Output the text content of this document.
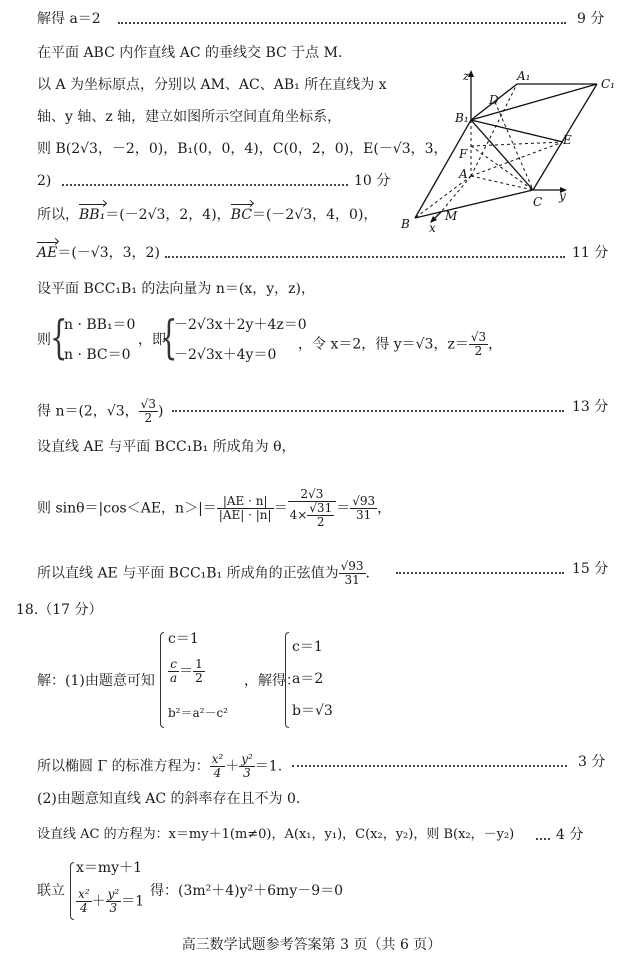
解得 a＝2	9 分
在平面 ABC 内作直线 AC 的垂线交 BC 于点 M.
以 A 为坐标原点，分别以 AM、AC、AB₁ 所在直线为 x
轴、y 轴、z 轴，建立如图所示空间直角坐标系，
则 B(2√3，－2，0)，B₁(0，0，4)，C(0，2，0)，E(－√3，3，
2)	10 分
所以，BB₁＝(－2√3，2，4)，BC＝(－2√3，4，0)，
AE＝(－√3，3，2)	11 分
设平面 BCC₁B₁ 的法向量为 n＝(x，y，z)，
则 {
n · BB₁＝0
n · BC＝0
，即
{
－2√3x＋2y＋4z＝0
－2√3x＋4y＝0
，令 x＝2，得 y＝√3，$z= \frac{√3}{2}$ ，
得 n＝(2，√3， $\frac{√3}{2}$ )	13 分
设直线 AE 与平面 BCC₁B₁ 所成角为 θ，
则 sinθ＝|cos＜AE，$n>|= \frac{|AE \cdot n|}{|AE| \cdot |n|} = \frac{2√3}{4\times \frac{√31}{2}} = \frac{√93}{31}$ ，
所以直线 AE 与平面 BCC₁B₁ 所成角的正弦值为 $\frac{√93}{31}$ .	15 分
18.（17 分）
解：(1)由题意可知
c＝1
$\frac{c}{a} = \frac{1}{2}$
b²＝a²－c²
，解得：
c＝1
a＝2
b＝√3
所以椭圆 Γ 的标准方程为： $\frac{\text{x²}}{4} + \frac{\text{y²}}{3} =1$.	3 分
(2)由题意知直线 AC 的斜率存在且不为 0.
设直线 AC 的方程为：x＝my＋1(m≠0)，A(x₁，y₁)，C(x₂，y₂)，则 B(x₂，－y₂)	4 分
联立
x＝my＋1
$\frac{\text{x²}}{4} + \frac{\text{y²}}{3} =1$
得：(3m²＋4)y²＋6my－9＝0
高三数学试题参考答案第 3 页（共 6 页）
z	A₁
C₁
D
B₁
E
F
A
C y
B
M
x
